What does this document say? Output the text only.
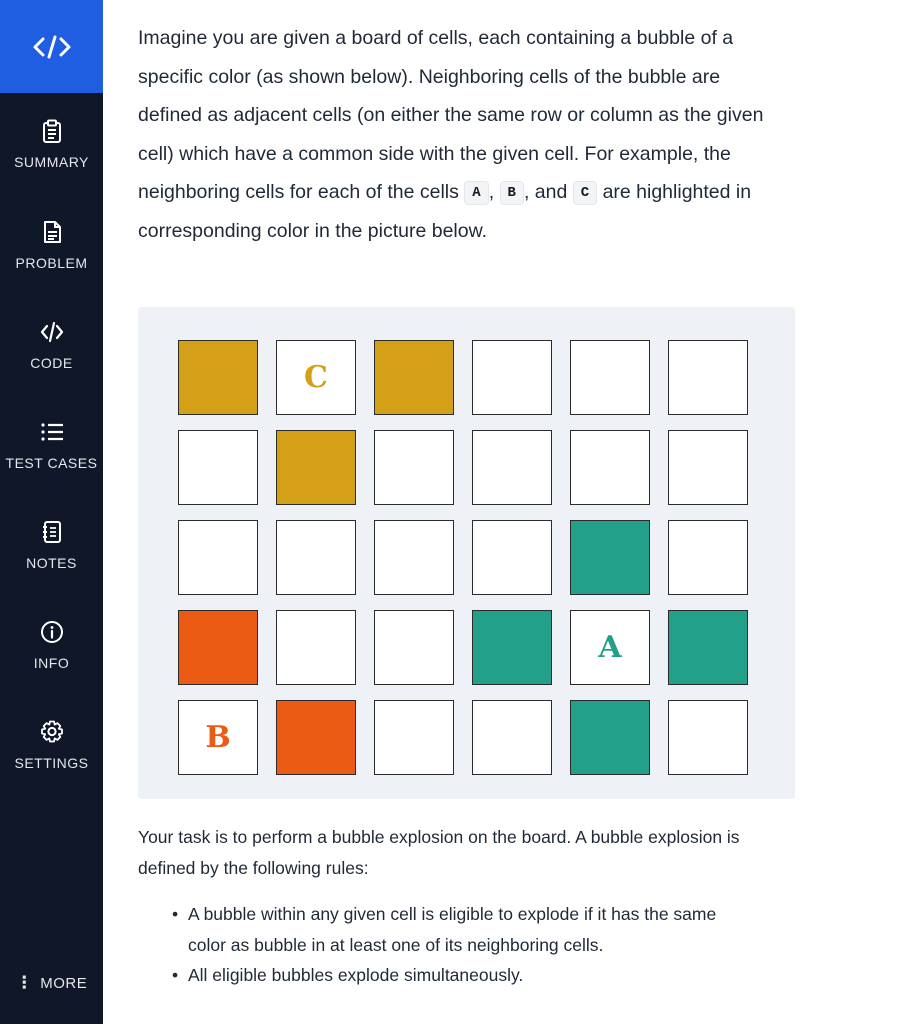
SUMMARY
PROBLEM
CODE
TEST CASES
NOTES
INFO
SETTINGS
⋮ MORE

Imagine you are given a board of cells, each containing a bubble of a specific color (as shown below). Neighboring cells of the bubble are defined as adjacent cells (on either the same row or column as the given cell) which have a common side with the given cell. For example, the neighboring cells for each of the cells A , B , and C are highlighted in corresponding color in the picture below.

C
A
B

Your task is to perform a bubble explosion on the board. A bubble explosion is defined by the following rules:

• A bubble within any given cell is eligible to explode if it has the same color as bubble in at least one of its neighboring cells.
• All eligible bubbles explode simultaneously.
